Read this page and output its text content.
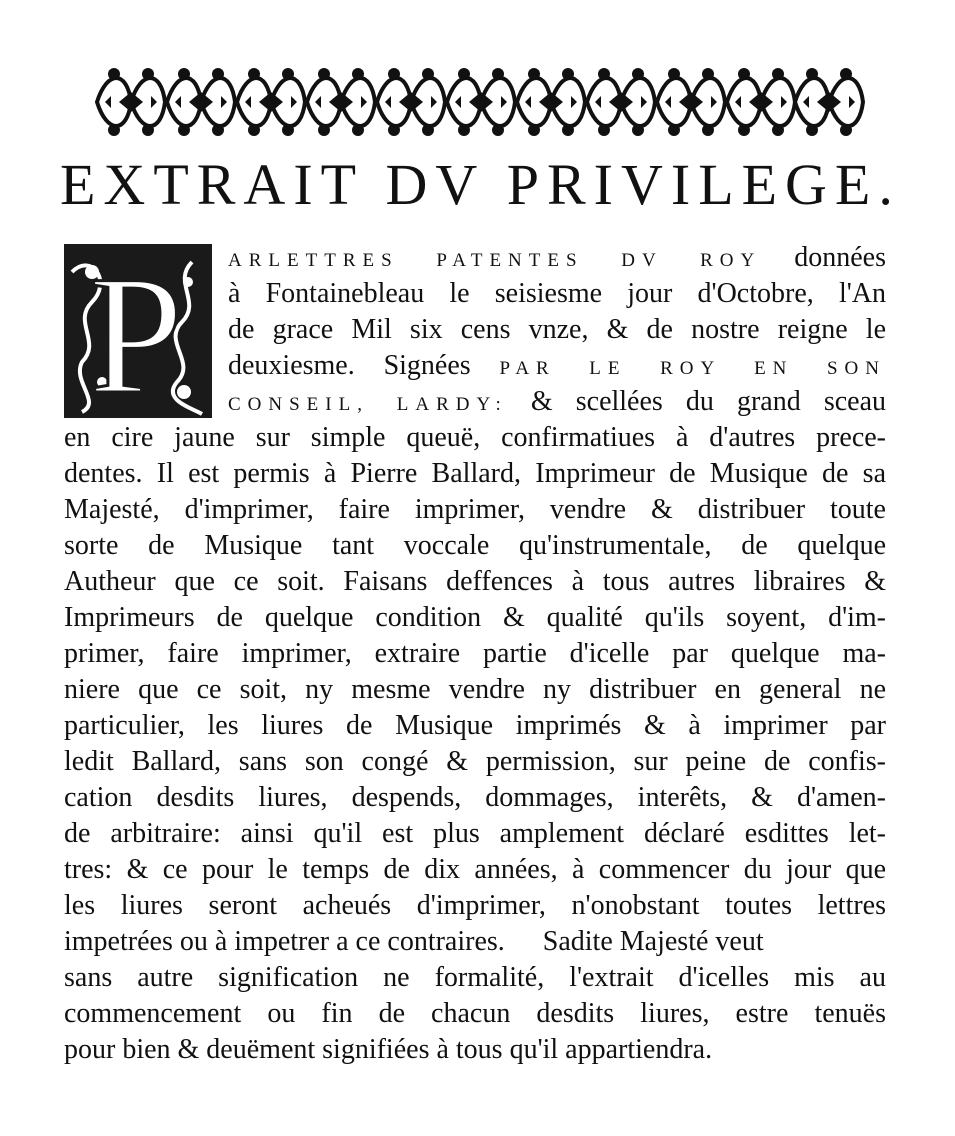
EXTRAIT DV PRIVILEGE.
P ARLETTRES PATENTES DV ROY données
à Fontainebleau le seisiesme jour d'Octobre, l'An
de grace Mil six cens vnze, & de nostre reigne le
deuxiesme. Signées PAR LE ROY EN SON
CONSEIL, LARDY: & scellées du grand sceau
en cire jaune sur simple queuë, confirmatiues à d'autres prece-
dentes. Il est permis à Pierre Ballard, Imprimeur de Musique de sa
Majesté, d'imprimer, faire imprimer, vendre & distribuer toute
sorte de Musique tant voccale qu'instrumentale, de quelque
Autheur que ce soit. Faisans deffences à tous autres libraires &
Imprimeurs de quelque condition & qualité qu'ils soyent, d'im-
primer, faire imprimer, extraire partie d'icelle par quelque ma-
niere que ce soit, ny mesme vendre ny distribuer en general ne
particulier, les liures de Musique imprimés & à imprimer par
ledit Ballard, sans son congé & permission, sur peine de confis-
cation desdits liures, despends, dommages, interêts, & d'amen-
de arbitraire: ainsi qu'il est plus amplement déclaré esdittes let-
tres: & ce pour le temps de dix années, à commencer du jour que
les liures seront acheués d'imprimer, n'onobstant toutes lettres
impetrées ou à impetrer a ce contraires. Sadite Majesté veut
sans autre signification ne formalité, l'extrait d'icelles mis au
commencement ou fin de chacun desdits liures, estre tenuës
pour bien & deuëment signifiées à tous qu'il appartiendra.
